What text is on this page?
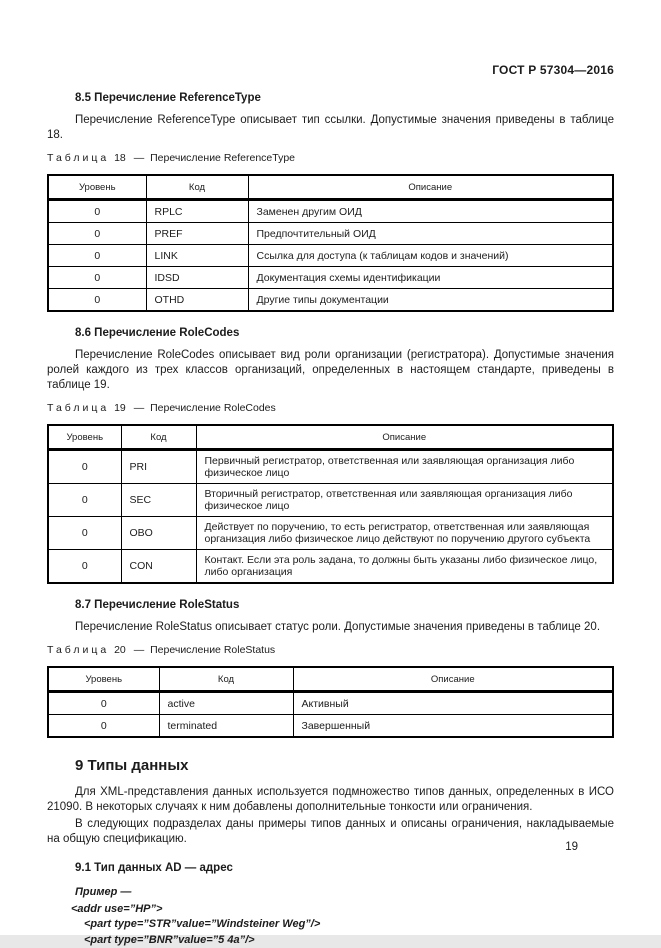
ГОСТ Р 57304—2016
8.5 Перечисление ReferenceType

Перечисление ReferenceType описывает тип ссылки. Допустимые значения приведены в таблице 18.

Таблица 18 — Перечисление ReferenceType
Уровень	Код	Описание
0	RPLC	Заменен другим ОИД
0	PREF	Предпочтительный ОИД
0	LINK	Ссылка для доступа (к таблицам кодов и значений)
0	IDSD	Документация схемы идентификации
0	OTHD	Другие типы документации
8.6 Перечисление RoleCodes

Перечисление RoleCodes описывает вид роли организации (регистратора). Допустимые значения ролей каждого из трех классов организаций, определенных в настоящем стандарте, приведены в таблице 19.

Таблица 19 — Перечисление RoleCodes
Уровень	Код	Описание
0	PRI	Первичный регистратор, ответственная или заявляющая организация либо физическое лицо
0	SEC	Вторичный регистратор, ответственная или заявляющая организация либо физическое лицо
0	OBO	Действует по поручению, то есть регистратор, ответственная или заявляющая организация либо физическое лицо действуют по поручению другого субъекта
0	CON	Контакт. Если эта роль задана, то должны быть указаны либо физическое лицо, либо организация
8.7 Перечисление RoleStatus

Перечисление RoleStatus описывает статус роли. Допустимые значения приведены в таблице 20.

Таблица 20 — Перечисление RoleStatus
Уровень	Код	Описание
0	active	Активный
0	terminated	Завершенный
9 Типы данных

Для XML-представления данных используется подмножество типов данных, определенных в ИСО 21090. В некоторых случаях к ним добавлены дополнительные тонкости или ограничения.

В следующих подразделах даны примеры типов данных и описаны ограничения, накладываемые на общую спецификацию.

9.1 Тип данных AD — адрес
Пример —
<addr use=”HP”>
<part type=”STR”value=”Windsteiner Weg”/>
<part type=”BNR”value=”5 4a”/>
19
